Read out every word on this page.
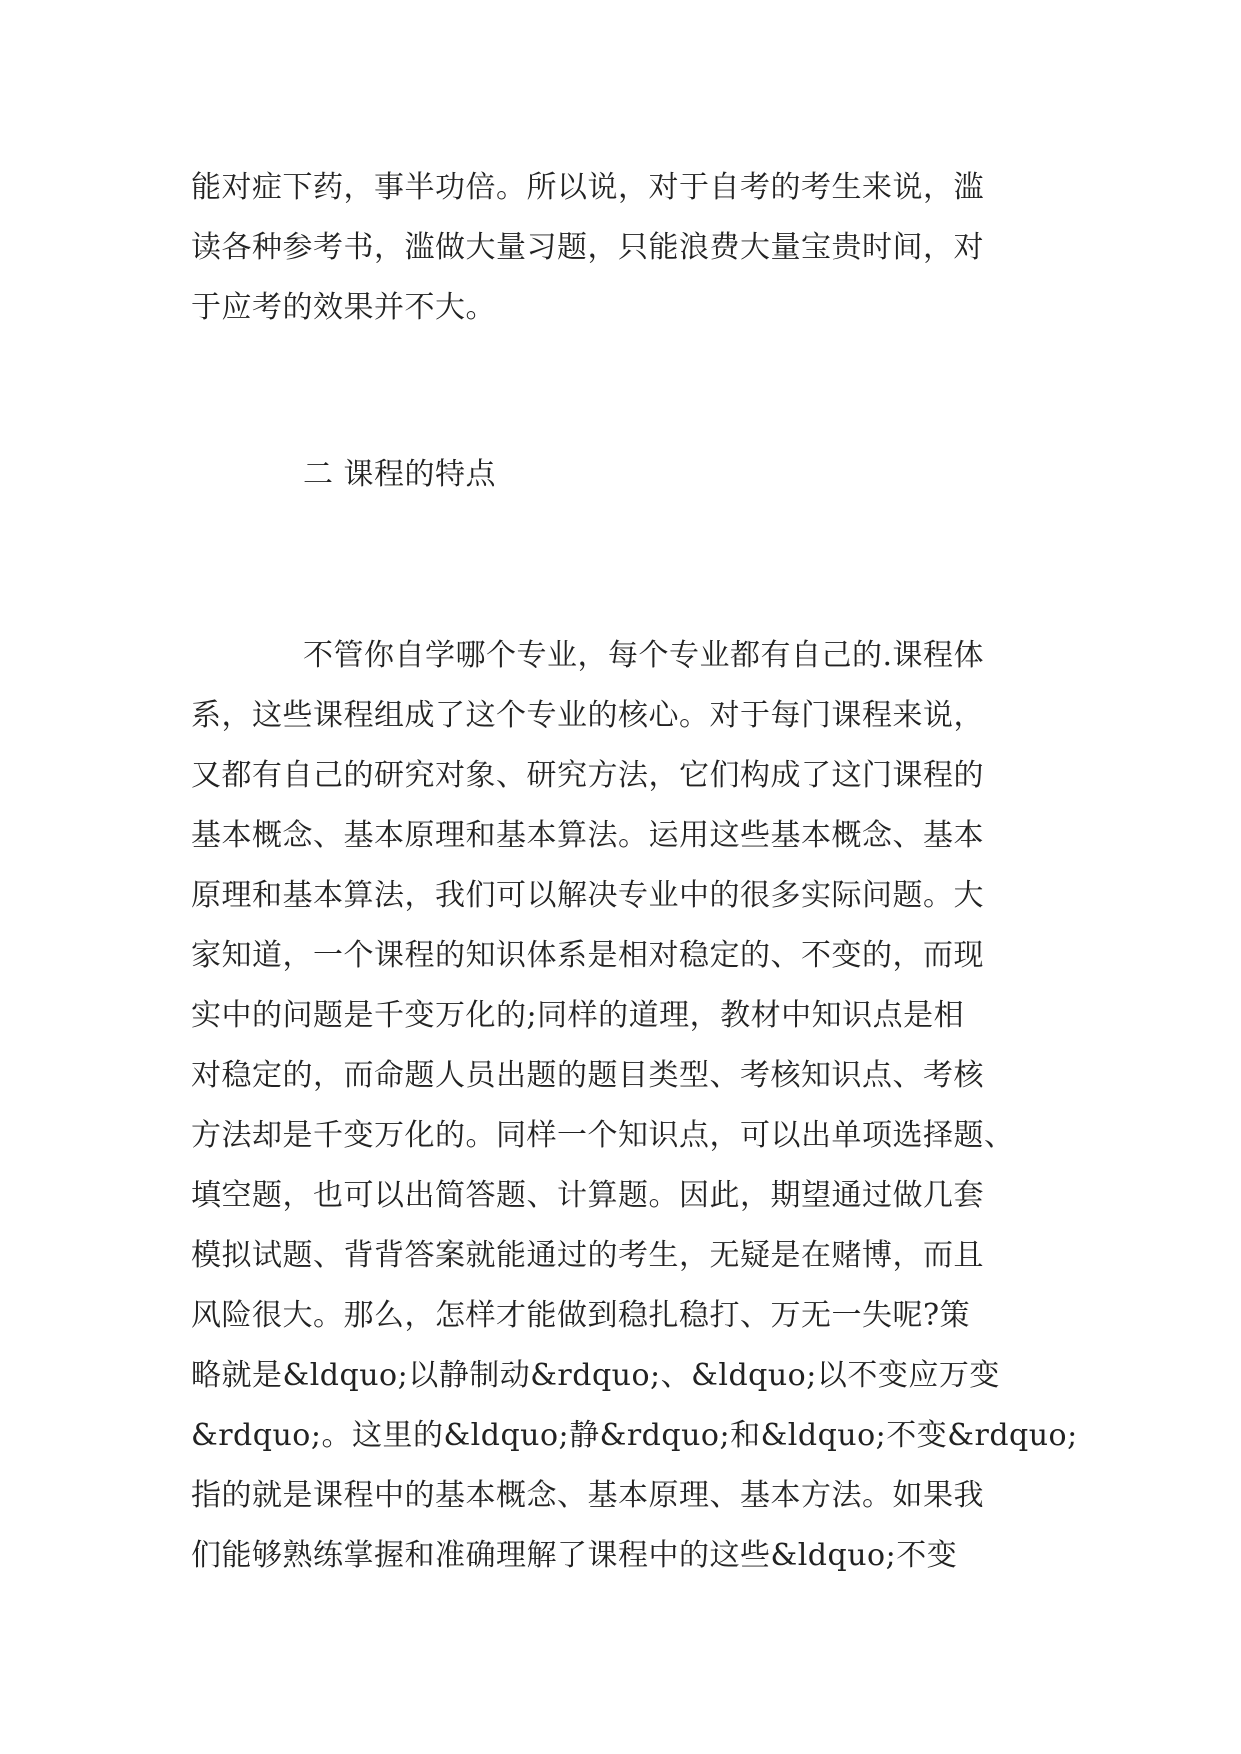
能对症下药，事半功倍。所以说，对于自考的考生来说，滥
读各种参考书，滥做大量习题，只能浪费大量宝贵时间，对
于应考的效果并不大。
二 课程的特点
不管你自学哪个专业，每个专业都有自己的.课程体
系，这些课程组成了这个专业的核心。对于每门课程来说，
又都有自己的研究对象、研究方法，它们构成了这门课程的
基本概念、基本原理和基本算法。运用这些基本概念、基本
原理和基本算法，我们可以解决专业中的很多实际问题。大
家知道，一个课程的知识体系是相对稳定的、不变的，而现
实中的问题是千变万化的;同样的道理，教材中知识点是相
对稳定的，而命题人员出题的题目类型、考核知识点、考核
方法却是千变万化的。同样一个知识点，可以出单项选择题、
填空题，也可以出简答题、计算题。因此，期望通过做几套
模拟试题、背背答案就能通过的考生，无疑是在赌博，而且
风险很大。那么，怎样才能做到稳扎稳打、万无一失呢?策
略就是&ldquo;以静制动&rdquo;、&ldquo;以不变应万变
&rdquo;。这里的&ldquo;静&rdquo;和&ldquo;不变&rdquo;
指的就是课程中的基本概念、基本原理、基本方法。如果我
们能够熟练掌握和准确理解了课程中的这些&ldquo;不变
